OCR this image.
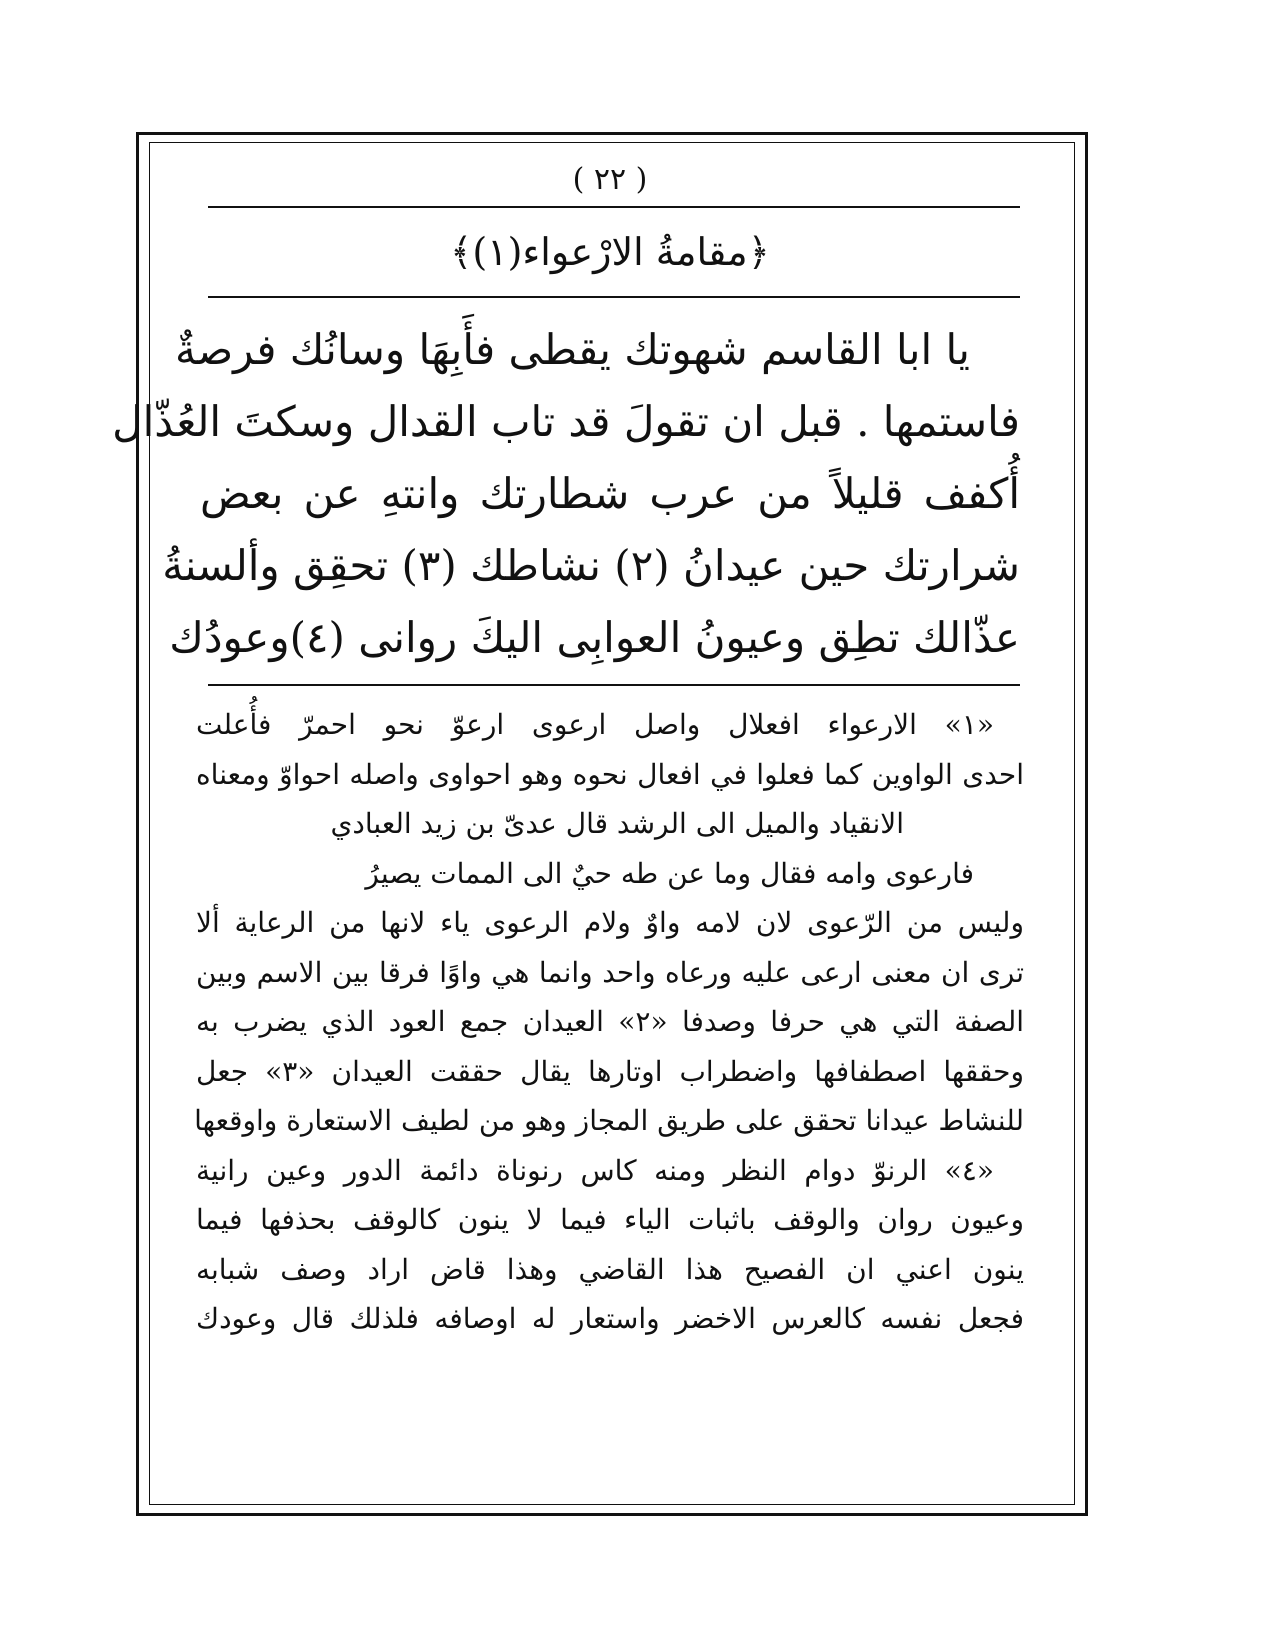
( ٢٢ )
﴿مقامةُ الارْعواء(١)﴾
يا ابا القاسم شهوتك يقطى فأَبِهَا وسانُك فرصةٌ
فاستمها . قبل ان تقولَ قد تاب القدال وسكتَ العُذّال
أُكفف قليلاً من عرب شطارتك وانتهِ عن بعض
شرارتك حين عيدانُ (٢) نشاطك (٣) تحقِق وألسنةُ
عذّالك تطِق وعيونُ العوابِى اليكَ روانى (٤)وعودُك
«١» الارعواء افعلال واصل ارعوى ارعوّ نحو احمرّ فأُعلت
احدى الواوين كما فعلوا في افعال نحوه وهو احواوى واصله احواوّ ومعناه
الانقياد والميل الى الرشد قال عدىّ بن زيد العبادي
فارعوى وامه فقال وما عن طه حيٌ الى الممات يصيرُ
وليس من الرّعوى لان لامه واوٌ ولام الرعوى ياء لانها من الرعاية ألا
ترى ان معنى ارعى عليه ورعاه واحد وانما هي واوًا فرقا بين الاسم وبين
الصفة التي هي حرفا وصدفا «٢» العيدان جمع العود الذي يضرب به
وحققها اصطفافها واضطراب اوتارها يقال حققت العيدان «٣» جعل
للنشاط عيدانا تحقق على طريق المجاز وهو من لطيف الاستعارة واوقعها
«٤» الرنوّ دوام النظر ومنه كاس رنوناة دائمة الدور وعين رانية
وعيون روان والوقف باثبات الياء فيما لا ينون كالوقف بحذفها فيما
ينون اعني ان الفصيح هذا القاضي وهذا قاض اراد وصف شبابه
فجعل نفسه كالعرس الاخضر واستعار له اوصافه فلذلك قال وعودك
